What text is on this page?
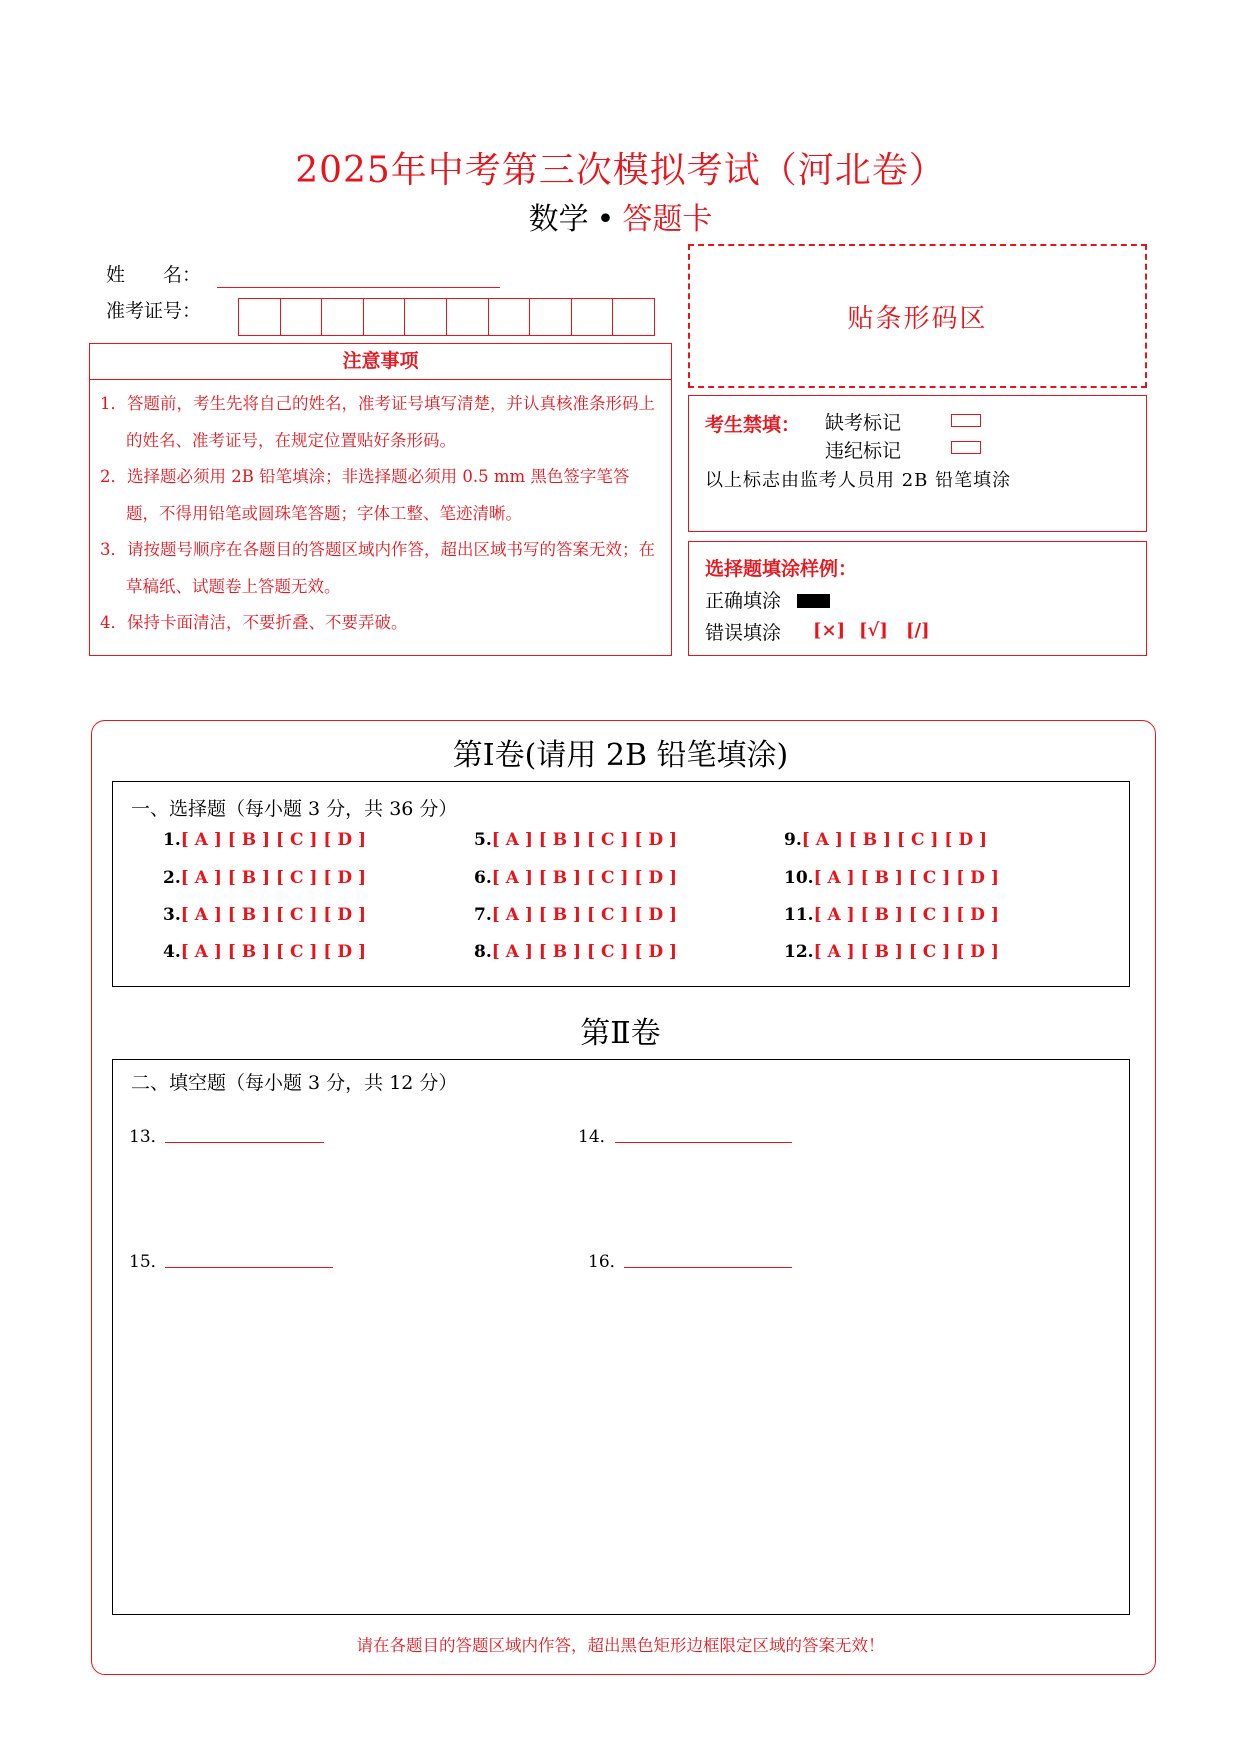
2025年中考第三次模拟考试（河北卷）
数学 • 答题卡
姓 名：
准考证号：	贴条形码区
注意事项
1．答题前，考生先将自己的姓名，准考证号填写清楚，并认真核准条形码上的姓名、准考证号，在规定位置贴好条形码。
2．选择题必须用 2B 铅笔填涂；非选择题必须用 0.5 mm 黑色签字笔答题，不得用铅笔或圆珠笔答题；字体工整、笔迹清晰。
3．请按题号顺序在各题目的答题区域内作答，超出区域书写的答案无效；在草稿纸、试题卷上答题无效。
4．保持卡面清洁，不要折叠、不要弄破。
考生禁填： 缺考标记
违纪标记
以上标志由监考人员用 2B 铅笔填涂
选择题填涂样例：
正确填涂
错误填涂 [×] [√] [/]
第Ⅰ卷(请用 2B 铅笔填涂)
一、选择题（每小题 3 分，共 36 分）
1.[ A ] [ B ] [ C ] [ D ]
2.[ A ] [ B ] [ C ] [ D ]
3.[ A ] [ B ] [ C ] [ D ]
4.[ A ] [ B ] [ C ] [ D ]
5.[ A ] [ B ] [ C ] [ D ]
6.[ A ] [ B ] [ C ] [ D ]
7.[ A ] [ B ] [ C ] [ D ]
8.[ A ] [ B ] [ C ] [ D ]
9.[ A ] [ B ] [ C ] [ D ]
10.[ A ] [ B ] [ C ] [ D ]
11.[ A ] [ B ] [ C ] [ D ]
12.[ A ] [ B ] [ C ] [ D ]
第Ⅱ卷
二、填空题（每小题 3 分，共 12 分）
13．	14．
15．	16．
请在各题目的答题区域内作答，超出黑色矩形边框限定区域的答案无效！
